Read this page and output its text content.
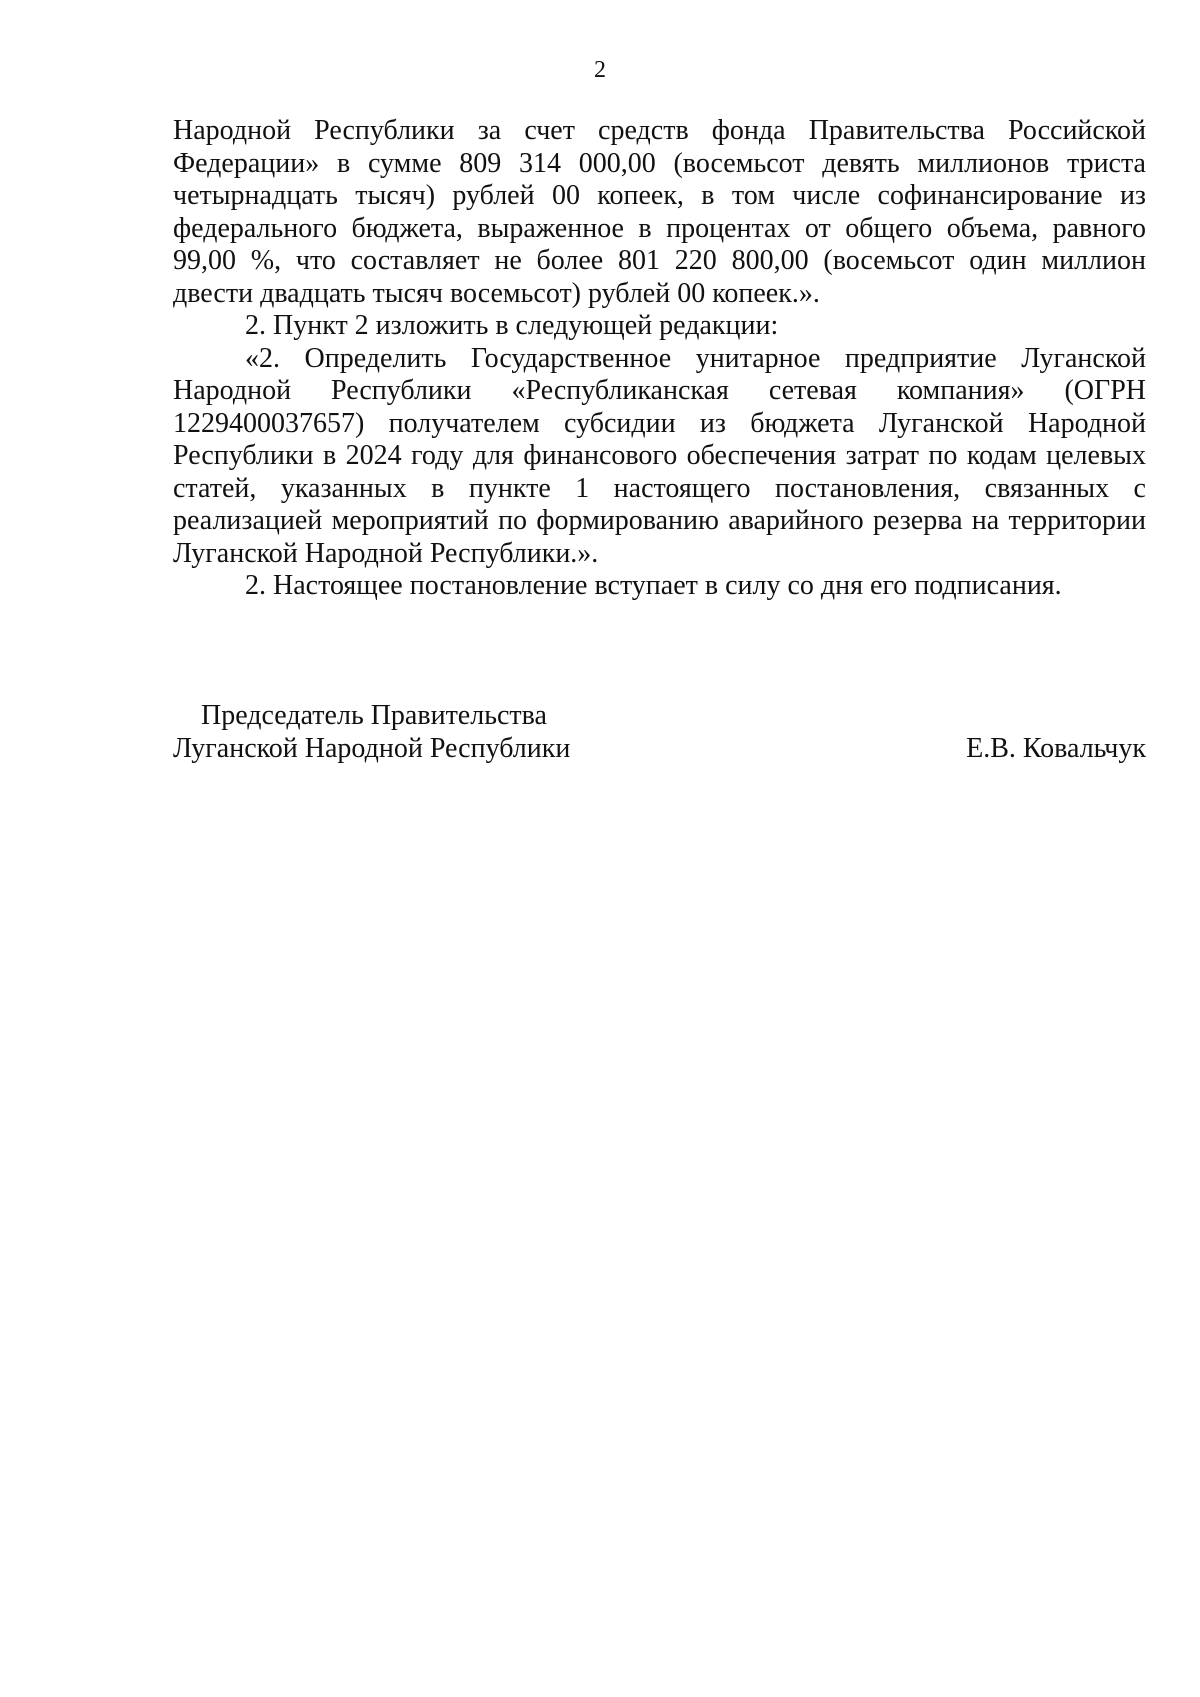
2

Народной Республики за счет средств фонда Правительства Российской Федерации» в сумме 809 314 000,00 (восемьсот девять миллионов триста четырнадцать тысяч) рублей 00 копеек, в том числе софинансирование из федерального бюджета, выраженное в процентах от общего объема, равного 99,00 %, что составляет не более 801 220 800,00 (восемьсот один миллион двести двадцать тысяч восемьсот) рублей 00 копеек.».

2. Пункт 2 изложить в следующей редакции:

«2. Определить Государственное унитарное предприятие Луганской Народной Республики «Республиканская сетевая компания» (ОГРН 1229400037657) получателем субсидии из бюджета Луганской Народной Республики в 2024 году для финансового обеспечения затрат по кодам целевых статей, указанных в пункте 1 настоящего постановления, связанных с реализацией мероприятий по формированию аварийного резерва на территории Луганской Народной Республики.».

2. Настоящее постановление вступает в силу со дня его подписания.

Председатель Правительства
Луганской Народной Республики	Е.В. Ковальчук
